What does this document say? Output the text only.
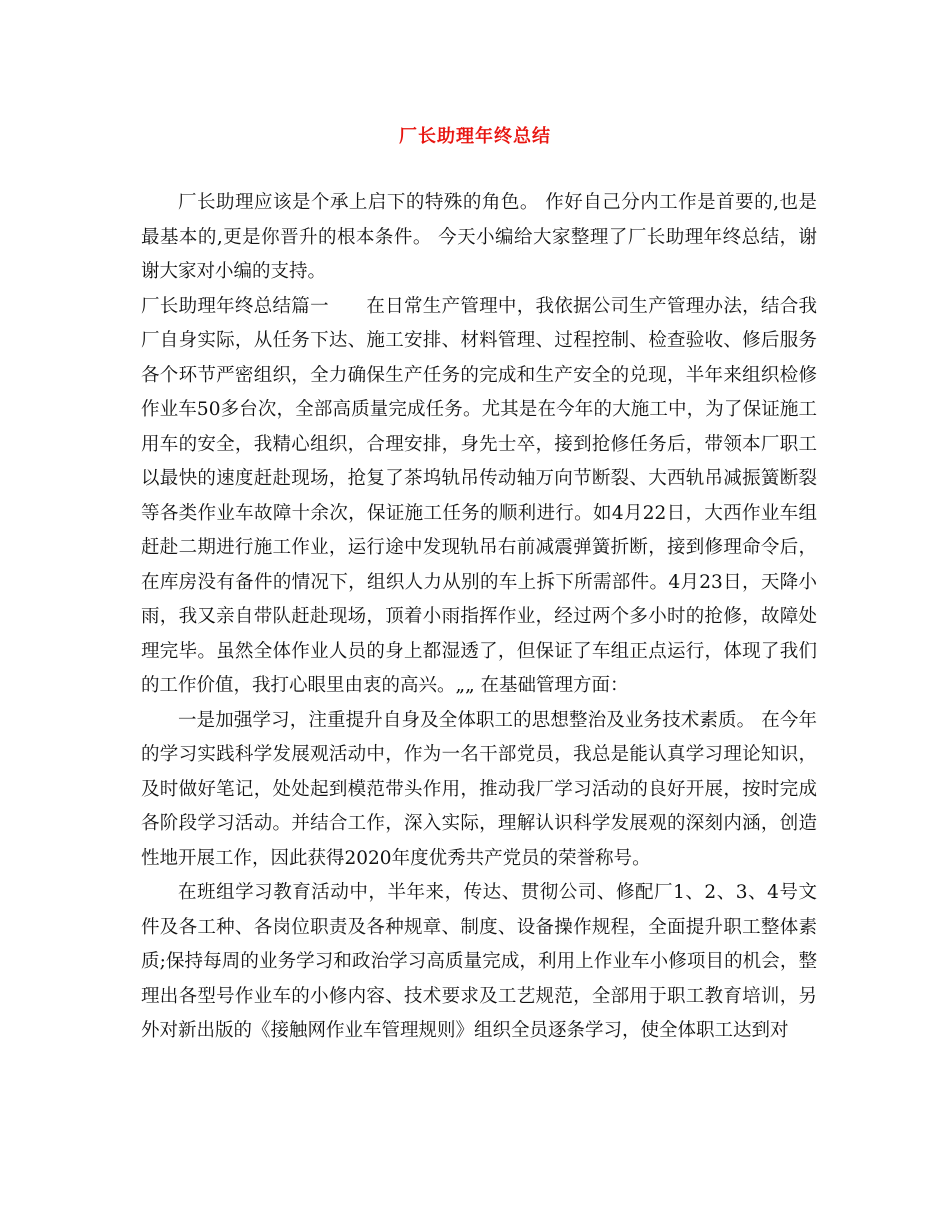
厂长助理年终总结

厂长助理应该是个承上启下的特殊的角色。 作好自己分内工作是首要的,也是最基本的,更是你晋升的根本条件。 今天小编给大家整理了厂长助理年终总结，谢谢大家对小编的支持。

厂长助理年终总结篇一　　在日常生产管理中，我依据公司生产管理办法，结合我厂自身实际，从任务下达、施工安排、材料管理、过程控制、检查验收、修后服务各个环节严密组织，全力确保生产任务的完成和生产安全的兑现，半年来组织检修作业车50多台次，全部高质量完成任务。尤其是在今年的大施工中，为了保证施工用车的安全，我精心组织，合理安排，身先士卒，接到抢修任务后，带领本厂职工以最快的速度赶赴现场，抢复了茶坞轨吊传动轴万向节断裂、大西轨吊减振簧断裂等各类作业车故障十余次，保证施工任务的顺利进行。如4月22日，大西作业车组赶赴二期进行施工作业，运行途中发现轨吊右前减震弹簧折断，接到修理命令后，在库房没有备件的情况下，组织人力从别的车上拆下所需部件。4月23日，天降小雨，我又亲自带队赶赴现场，顶着小雨指挥作业，经过两个多小时的抢修，故障处理完毕。虽然全体作业人员的身上都湿透了，但保证了车组正点运行，体现了我们的工作价值，我打心眼里由衷的高兴。„„ 在基础管理方面：

一是加强学习，注重提升自身及全体职工的思想整治及业务技术素质。 在今年的学习实践科学发展观活动中，作为一名干部党员，我总是能认真学习理论知识，及时做好笔记，处处起到模范带头作用，推动我厂学习活动的良好开展，按时完成各阶段学习活动。并结合工作，深入实际，理解认识科学发展观的深刻内涵，创造性地开展工作，因此获得2020年度优秀共产党员的荣誉称号。

在班组学习教育活动中，半年来，传达、贯彻公司、修配厂1、2、3、4号文件及各工种、各岗位职责及各种规章、制度、设备操作规程，全面提升职工整体素质;保持每周的业务学习和政治学习高质量完成，利用上作业车小修项目的机会，整理出各型号作业车的小修内容、技术要求及工艺规范，全部用于职工教育培训，另外对新出版的《接触网作业车管理规则》组织全员逐条学习，使全体职工达到对
